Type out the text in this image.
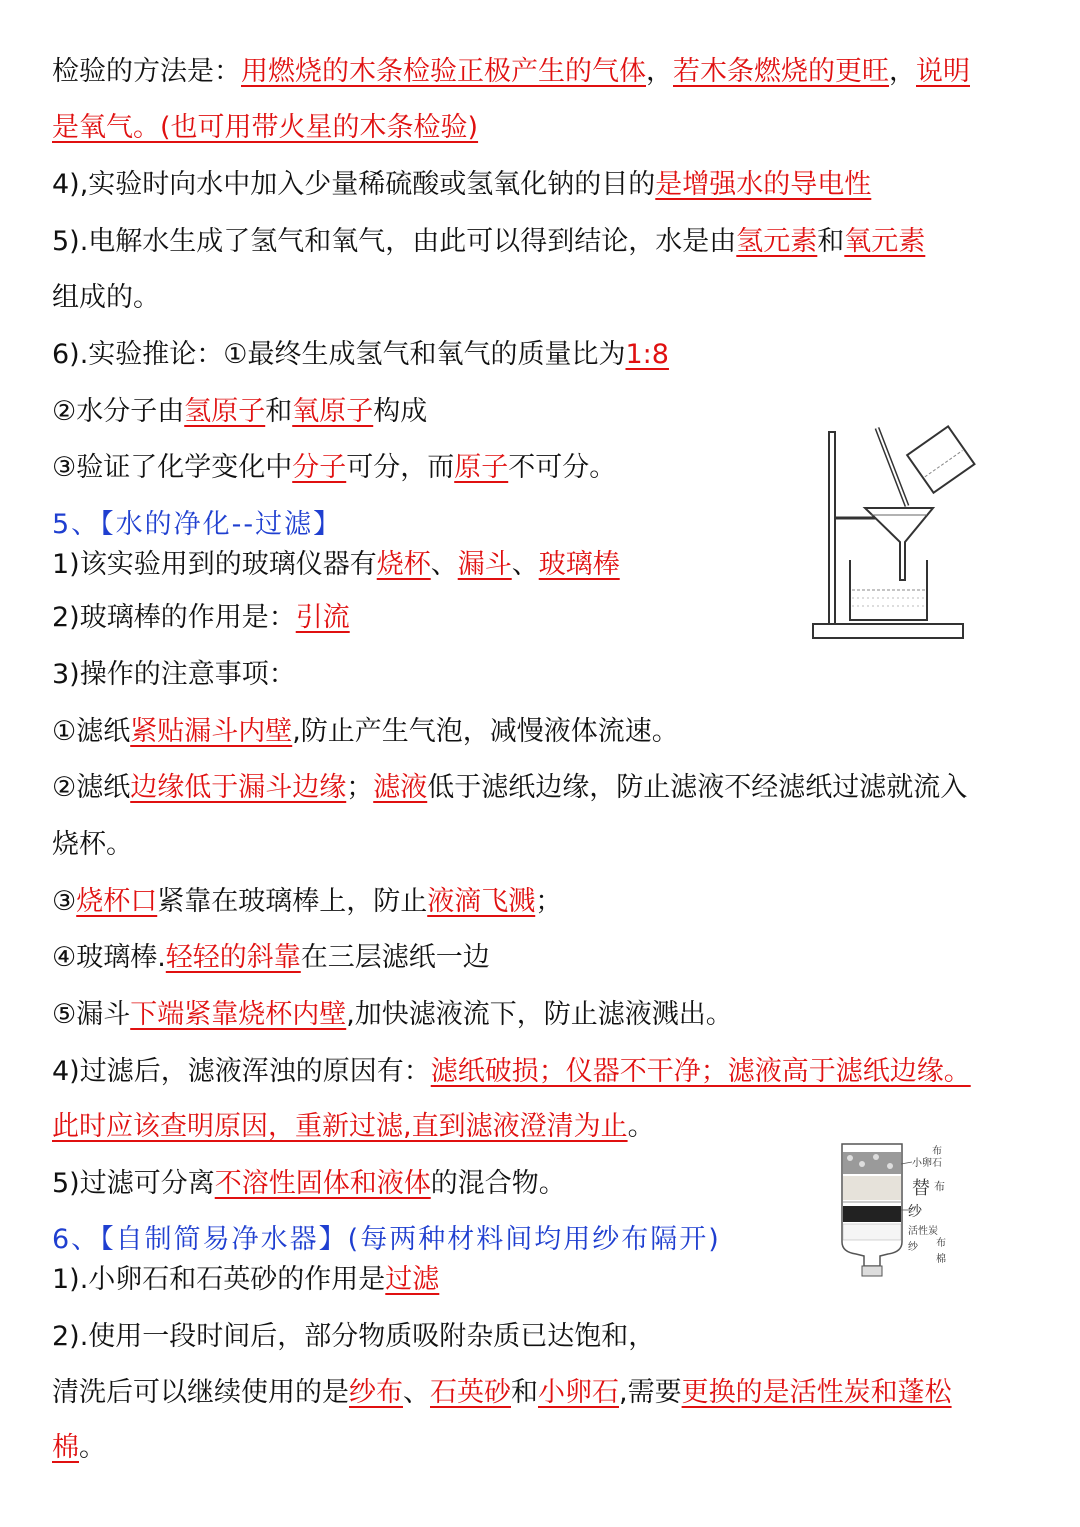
检验的方法是：用燃烧的木条检验正极产生的气体，若木条燃烧的更旺，说明
是氧气。(也可用带火星的木条检验)
4),实验时向水中加入少量稀硫酸或氢氧化钠的目的是增强水的导电性
5).电解水生成了氢气和氧气，由此可以得到结论，水是由氢元素和氧元素
组成的。
6).实验推论：①最终生成氢气和氧气的质量比为1:8
②水分子由氢原子和氧原子构成
③验证了化学变化中分子可分，而原子不可分。
5、【水的净化--过滤】
1)该实验用到的玻璃仪器有烧杯、漏斗、玻璃棒
2)玻璃棒的作用是：引流
3)操作的注意事项：
①滤纸紧贴漏斗内壁,防止产生气泡，减慢液体流速。
②滤纸边缘低于漏斗边缘；滤液低于滤纸边缘，防止滤液不经滤纸过滤就流入
烧杯。
③烧杯口紧靠在玻璃棒上，防止液滴飞溅；
④玻璃棒.轻轻的斜靠在三层滤纸一边
⑤漏斗下端紧靠烧杯内壁,加快滤液流下，防止滤液溅出。
4)过滤后，滤液浑浊的原因有：滤纸破损；仪器不干净；滤液高于滤纸边缘。
此时应该查明原因，重新过滤,直到滤液澄清为止。
5)过滤可分离不溶性固体和液体的混合物。
6、【自制简易净水器】(每两种材料间均用纱布隔开)
1).小卵石和石英砂的作用是过滤
2).使用一段时间后，部分物质吸附杂质已达饱和，
清洗后可以继续使用的是纱布、石英砂和小卵石,需要更换的是活性炭和蓬松
棉。
布
小卵石
替
纱
布
活性炭
纱 布
棉
